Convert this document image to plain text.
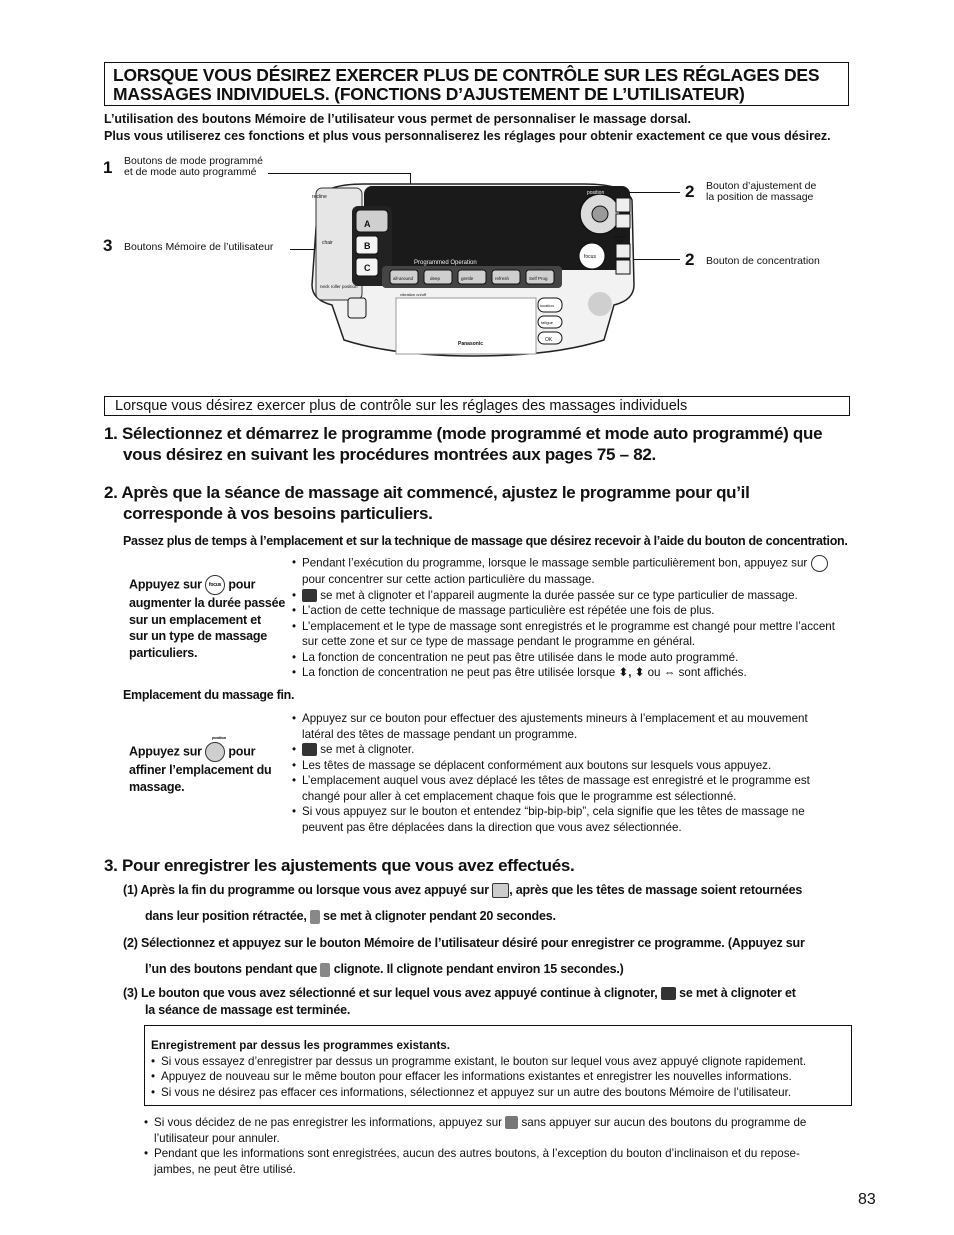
LORSQUE VOUS DÉSIREZ EXERCER PLUS DE CONTRÔLE SUR LES RÉGLAGES DES
MASSAGES INDIVIDUELS. (FONCTIONS D’AJUSTEMENT DE L’UTILISATEUR)
L’utilisation des boutons Mémoire de l’utilisateur vous permet de personnaliser le massage dorsal.
Plus vous utiliserez ces fonctions et plus vous personnaliserez les réglages pour obtenir exactement ce que vous désirez.
1 Boutons de mode programmé
et de mode auto programmé
3 Boutons Mémoire de l’utilisateur
2 Bouton d’ajustement de
la position de massage
2 Bouton de concentration
recline
chair
neck roller position
vibration on/off
Programmed Operation
all-around	deep	gentle	refresh	Self Prog
A
B
C
position
focus
location
fatigue
OK
stretch
legs
Panasonic
Lorsque vous désirez exercer plus de contrôle sur les réglages des massages individuels
1. Sélectionnez et démarrez le programme (mode programmé et mode auto programmé) que
vous désirez en suivant les procédures montrées aux pages 75 – 82.
2. Après que la séance de massage ait commencé, ajustez le programme pour qu’il
corresponde à vos besoins particuliers.
Passez plus de temps à l’emplacement et sur la technique de massage que désirez recevoir à l’aide du bouton de concentration.
Appuyez sur focus pour
augmenter la durée passée
sur un emplacement et
sur un type de massage
particuliers.
• Pendant l’exécution du programme, lorsque le massage semble particulièrement bon, appuyez sur
pour concentrer sur cette action particulière du massage.
• se met à clignoter et l’appareil augmente la durée passée sur ce type particulier de massage.
• L’action de cette technique de massage particulière est répétée une fois de plus.
• L’emplacement et le type de massage sont enregistrés et le programme est changé pour mettre l’accent
sur cette zone et sur ce type de massage pendant le programme en général.
• La fonction de concentration ne peut pas être utilisée dans le mode auto programmé.
• La fonction de concentration ne peut pas être utilisée lorsque ⬍, ⬍ ou ⇔ sont affichés.
Emplacement du massage fin.
position
Appuyez sur pour
affiner l’emplacement du
massage.
• Appuyez sur ce bouton pour effectuer des ajustements mineurs à l’emplacement et au mouvement
latéral des têtes de massage pendant un programme.
• se met à clignoter.
• Les têtes de massage se déplacent conformément aux boutons sur lesquels vous appuyez.
• L’emplacement auquel vous avez déplacé les têtes de massage est enregistré et le programme est
changé pour aller à cet emplacement chaque fois que le programme est sélectionné.
• Si vous appuyez sur le bouton et entendez “bip-bip-bip”, cela signifie que les têtes de massage ne
peuvent pas être déplacées dans la direction que vous avez sélectionnée.
3. Pour enregistrer les ajustements que vous avez effectués.
(1) Après la fin du programme ou lorsque vous avez appuyé sur , après que les têtes de massage soient retournées
dans leur position rétractée, se met à clignoter pendant 20 secondes.
(2) Sélectionnez et appuyez sur le bouton Mémoire de l’utilisateur désiré pour enregistrer ce programme. (Appuyez sur
l’un des boutons pendant que clignote. Il clignote pendant environ 15 secondes.)
(3) Le bouton que vous avez sélectionné et sur lequel vous avez appuyé continue à clignoter, se met à clignoter et
la séance de massage est terminée.
Enregistrement par dessus les programmes existants.
• Si vous essayez d’enregistrer par dessus un programme existant, le bouton sur lequel vous avez appuyé clignote rapidement.
• Appuyez de nouveau sur le même bouton pour effacer les informations existantes et enregistrer les nouvelles informations.
• Si vous ne désirez pas effacer ces informations, sélectionnez et appuyez sur un autre des boutons Mémoire de l’utilisateur.
• Si vous décidez de ne pas enregistrer les informations, appuyez sur sans appuyer sur aucun des boutons du programme de
l’utilisateur pour annuler.
• Pendant que les informations sont enregistrées, aucun des autres boutons, à l’exception du bouton d’inclinaison et du repose-
jambes, ne peut être utilisé.
83
